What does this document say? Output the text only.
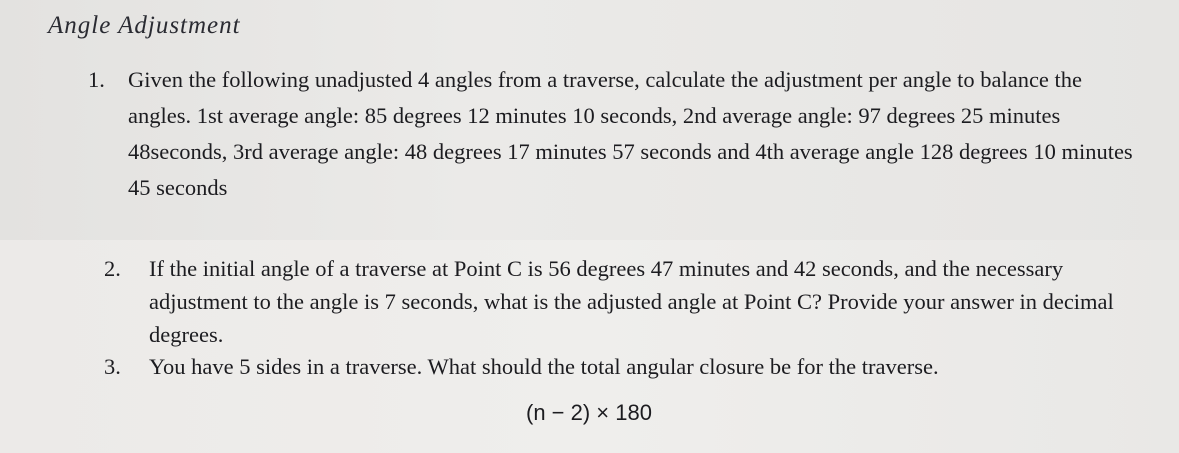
Angle Adjustment
1. Given the following unadjusted 4 angles from a traverse, calculate the adjustment per angle to balance the angles. 1st average angle: 85 degrees 12 minutes 10 seconds, 2nd average angle: 97 degrees 25 minutes 48seconds, 3rd average angle: 48 degrees 17 minutes 57 seconds and 4th average angle 128 degrees 10 minutes 45 seconds
2. If the initial angle of a traverse at Point C is 56 degrees 47 minutes and 42 seconds, and the necessary adjustment to the angle is 7 seconds, what is the adjusted angle at Point C? Provide your answer in decimal degrees.
3. You have 5 sides in a traverse. What should the total angular closure be for the traverse.
(n − 2) × 180
